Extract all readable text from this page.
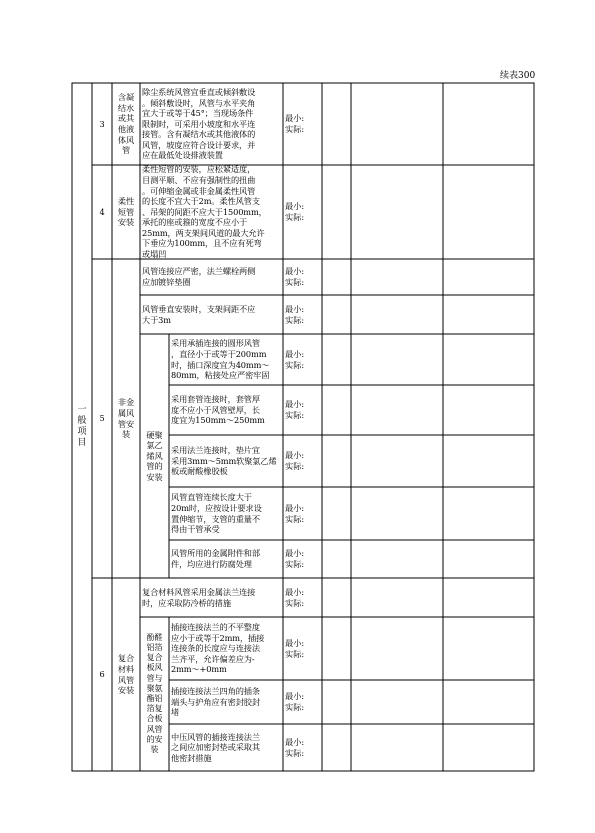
续表300
一
般
项
目
3
含凝
结水
或其
他液
体风
管
除尘系统风管宜垂直或倾斜敷设
。倾斜敷设时，风管与水平夹角
宜大于或等于45°；当现场条件
限制时，可采用小坡度和水平连
接管。含有凝结水或其他液体的
风管，坡度应符合设计要求，并
应在最低处设排液装置
最小:
实际:
4
柔性
短管
安装
柔性短管的安装，应松紧适度，
目测平顺、不应有强制性的扭曲
。可伸缩金属或非金属柔性风管
的长度不宜大于2m。柔性风管支
、吊架的间距不应大于1500mm，
承托的座或箍的宽度不应小于
25mm，两支架间风道的最大允许
下垂应为100mm，且不应有死弯
或塌凹
最小:
实际:
5
非金
属风
管安
装
风管连接应严密，法兰螺栓两侧
应加镀锌垫圈
最小:
实际:
风管垂直安装时，支架间距不应
大于3m
最小:
实际:
硬聚
氯乙
烯风
管的
安装
采用承插连接的圆形风管
，直径小于或等于200mm
时，插口深度宜为40mm～
80mm，粘接处应严密牢固
最小:
实际:
采用套管连接时，套管厚
度不应小于风管壁厚，长
度宜为150mm～250mm
最小:
实际:
采用法兰连接时，垫片宜
采用3mm～5mm软聚氯乙烯
板或耐酸橡胶板
最小:
实际:
风管直管连续长度大于
20m时，应按设计要求设
置伸缩节，支管的重量不
得由干管承受
最小:
实际:
风管所用的金属附件和部
件，均应进行防腐处理
最小:
实际:
6
复合
材料
风管
安装
复合材料风管采用金属法兰连接
时，应采取防冷桥的措施
最小:
实际:
酚醛
铝箔
复合
板风
管与
聚氨
酯铝
箔复
合板
风管
的安
装
插接连接法兰的不平整度
应小于或等于2mm，插接
连接条的长度应与连接法
兰齐平，允许偏差应为-
2mm～+0mm
最小:
实际:
插接连接法兰四角的插条
端头与护角应有密封胶封
堵
最小:
实际:
中压风管的插接连接法兰
之间应加密封垫或采取其
他密封措施
最小:
实际:
